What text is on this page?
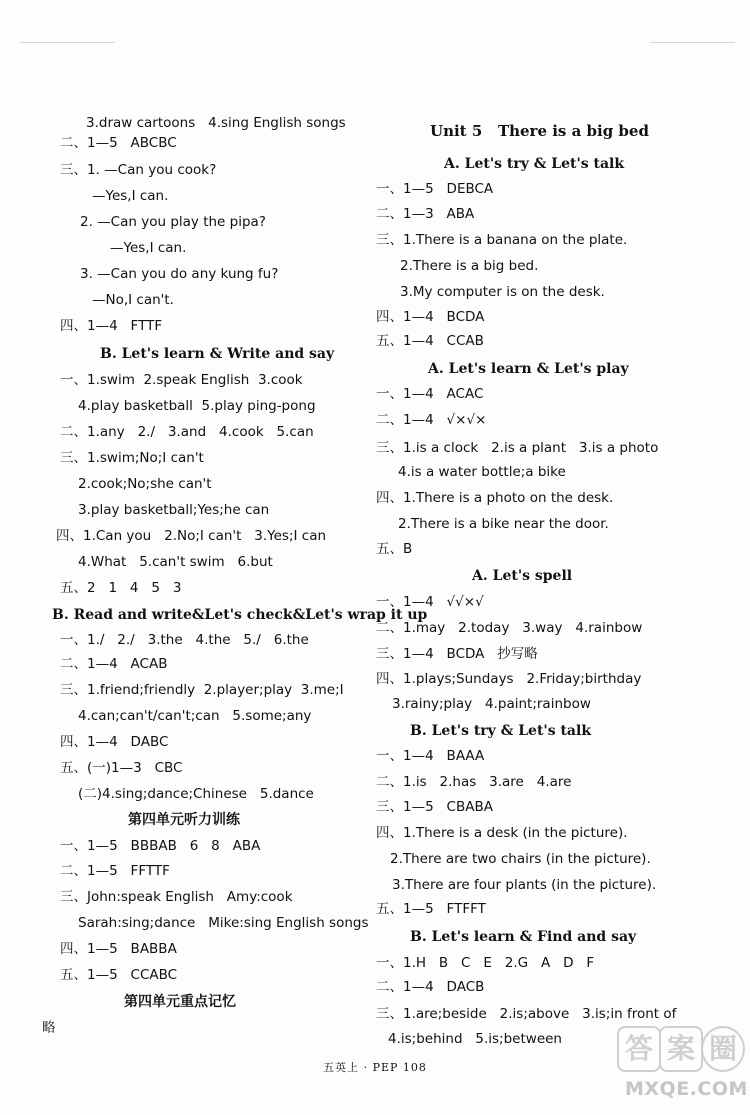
3.draw cartoons   4.sing English songs
二、1—5   ABCBC
三、1. —Can you cook?
—Yes,I can.
2. —Can you play the pipa?
—Yes,I can.
3. —Can you do any kung fu?
—No,I can't.
四、1—4   FTTF
B. Let's learn & Write and say
一、1.swim  2.speak English  3.cook
4.play basketball  5.play ping-pong
二、1.any   2./   3.and   4.cook   5.can
三、1.swim;No;I can't
2.cook;No;she can't
3.play basketball;Yes;he can
四、1.Can you   2.No;I can't   3.Yes;I can
4.What   5.can't swim   6.but
五、2   1   4   5   3
B. Read and write&Let's check&Let's wrap it up
一、1./   2./   3.the   4.the   5./   6.the
二、1—4   ACAB
三、1.friend;friendly  2.player;play  3.me;I
4.can;can't/can't;can   5.some;any
四、1—4   DABC
五、(一)1—3   CBC
(二)4.sing;dance;Chinese   5.dance
第四单元听力训练
一、1—5   BBBAB   6   8   ABA
二、1—5   FFTTF
三、John:speak English   Amy:cook
Sarah:sing;dance   Mike:sing English songs
四、1—5   BABBA
五、1—5   CCABC
第四单元重点记忆
略
Unit 5   There is a big bed
A. Let's try & Let's talk
一、1—5   DEBCA
二、1—3   ABA
三、1.There is a banana on the plate.
2.There is a big bed.
3.My computer is on the desk.
四、1—4   BCDA
五、1—4   CCAB
A. Let's learn & Let's play
一、1—4   ACAC
二、1—4   √×√×
三、1.is a clock   2.is a plant   3.is a photo
4.is a water bottle;a bike
四、1.There is a photo on the desk.
2.There is a bike near the door.
五、B
A. Let's spell
一、1—4   √√×√
二、1.may   2.today   3.way   4.rainbow
三、1—4   BCDA   抄写略
四、1.plays;Sundays   2.Friday;birthday
3.rainy;play   4.paint;rainbow
B. Let's try & Let's talk
一、1—4   BAAA
二、1.is   2.has   3.are   4.are
三、1—5   CBABA
四、1.There is a desk (in the picture).
2.There are two chairs (in the picture).
3.There are four plants (in the picture).
五、1—5   FTFFT
B. Let's learn & Find and say
一、1.H   B   C   E   2.G   A   D   F
二、1—4   DACB
三、1.are;beside   2.is;above   3.is;in front of
4.is;behind   5.is;between
五英上 · PEP 108
答 案 圈
MXQE.COM
